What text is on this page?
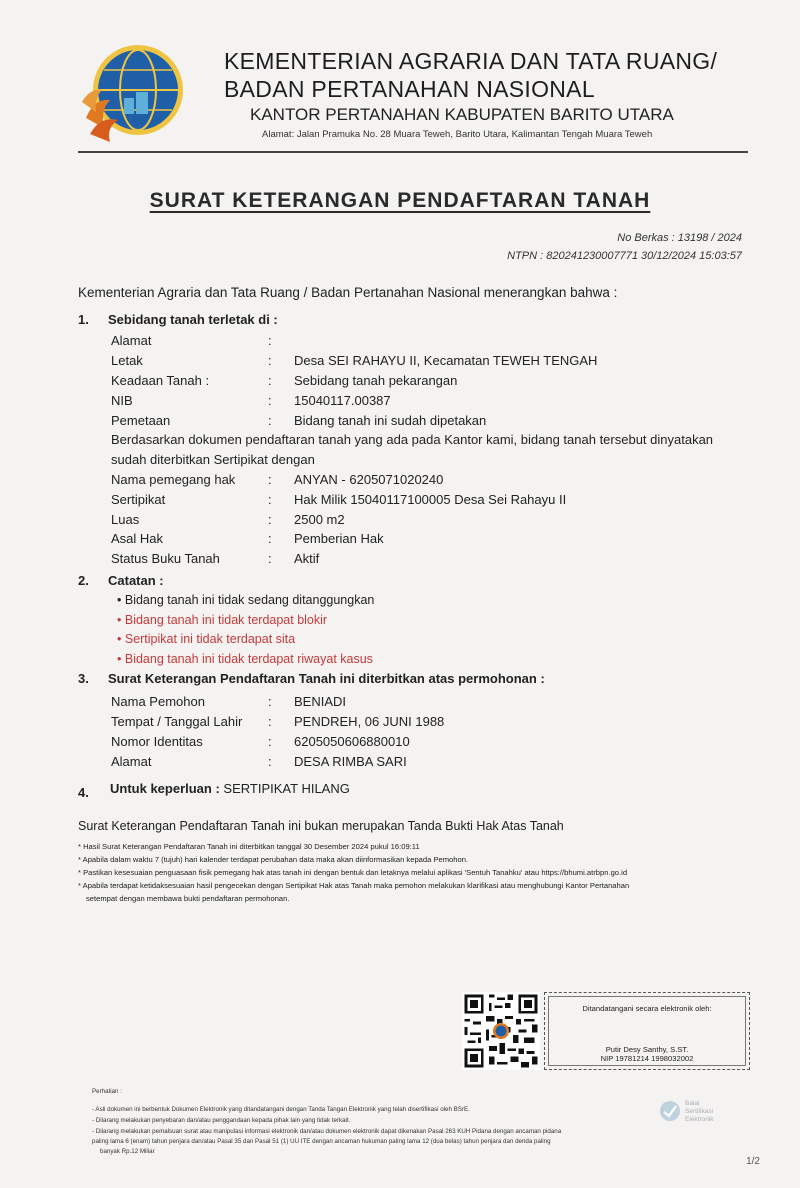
KEMENTERIAN AGRARIA DAN TATA RUANG/
BADAN PERTANAHAN NASIONAL
KANTOR PERTANAHAN KABUPATEN BARITO UTARA
Alamat: Jalan Pramuka No. 28 Muara Teweh, Barito Utara, Kalimantan Tengah Muara Teweh
SURAT KETERANGAN PENDAFTARAN TANAH
No Berkas : 13198 / 2024
NTPN : 820241230007771 30/12/2024 15:03:57
Kementerian Agraria dan Tata Ruang / Badan Pertanahan Nasional menerangkan bahwa :
1. Sebidang tanah terletak di :
Alamat	:
Letak	: Desa SEI RAHAYU II, Kecamatan TEWEH TENGAH
Keadaan Tanah :	: Sebidang tanah pekarangan
NIB	: 15040117.00387
Pemetaan	: Bidang tanah ini sudah dipetakan
Berdasarkan dokumen pendaftaran tanah yang ada pada Kantor kami, bidang tanah tersebut dinyatakan
sudah diterbitkan Sertipikat dengan
Nama pemegang hak	: ANYAN - 6205071020240
Sertipikat	: Hak Milik 15040117100005 Desa Sei Rahayu II
Luas	: 2500 m2
Asal Hak	: Pemberian Hak
Status Buku Tanah	: Aktif
2. Catatan :
• Bidang tanah ini tidak sedang ditanggungkan
• Bidang tanah ini tidak terdapat blokir
• Sertipikat ini tidak terdapat sita
• Bidang tanah ini tidak terdapat riwayat kasus
3. Surat Keterangan Pendaftaran Tanah ini diterbitkan atas permohonan :
Nama Pemohon	: BENIADI
Tempat / Tanggal Lahir : PENDREH, 06 JUNI 1988
Nomor Identitas	: 6205050606880010
Alamat	: DESA RIMBA SARI
4. Untuk keperluan : SERTIPIKAT HILANG
Surat Keterangan Pendaftaran Tanah ini bukan merupakan Tanda Bukti Hak Atas Tanah
* Hasil Surat Keterangan Pendaftaran Tanah ini diterbitkan tanggal 30 Desember 2024 pukul 16:09:11
* Apabila dalam waktu 7 (tujuh) hari kalender terdapat perubahan data maka akan diinformasikan kepada Pemohon.
* Pastikan kesesuaian penguasaan fisik pemegang hak atas tanah ini dengan bentuk dan letaknya melalui aplikasi 'Sentuh Tanahku' atau https://bhumi.atrbpn.go.id
* Apabila terdapat ketidaksesuaian hasil pengecekan dengan Sertipikat Hak atas Tanah maka pemohon melakukan klarifikasi atau menghubungi Kantor Pertanahan
setempat dengan membawa bukti pendaftaran permohonan.
Ditandatangani secara elektronik oleh:
Putir Desy Santhy, S.ST.
NIP 19781214 1998032002
Perhatian :
- Asli dokumen ini berbentuk Dokumen Elektronik yang ditandatangani dengan Tanda Tangan Elektronik yang telah disertifikasi oleh BSrE.
- Dilarang melakukan penyebaran dan/atau penggandaan kepada pihak lain yang tidak terkait.
- Dilarang melakukan pemalsuan surat atau manipulasi informasi elektronik dan/atau dokumen elektronik dapat dikenakan Pasal 263 KUH Pidana dengan ancaman pidana
paling lama 6 (enam) tahun penjara dan/atau Pasal 35 dan Pasal 51 (1) UU ITE dengan ancaman hukuman paling lama 12 (dua belas) tahun penjara dan denda paling
banyak Rp.12 Miliar
Balai
Sertifikasi
Elektronik
1/2
